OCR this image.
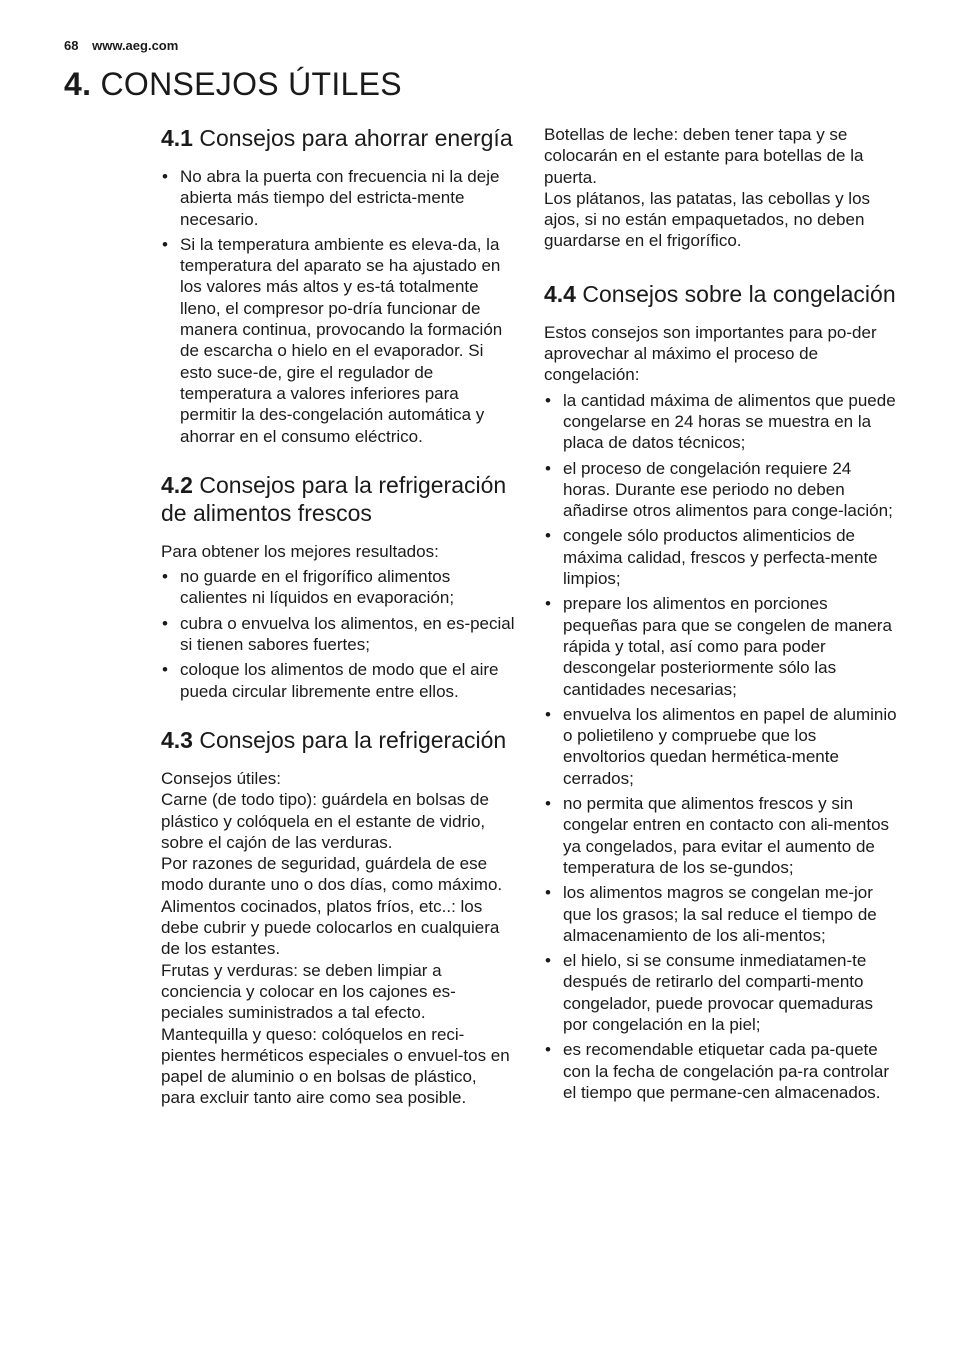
68 www.aeg.com
4. CONSEJOS ÚTILES
4.1 Consejos para ahorrar energía
• No abra la puerta con frecuencia ni la deje abierta más tiempo del estricta-mente necesario.
• Si la temperatura ambiente es eleva-da, la temperatura del aparato se ha ajustado en los valores más altos y es-tá totalmente lleno, el compresor po-dría funcionar de manera continua, provocando la formación de escarcha o hielo en el evaporador. Si esto suce-de, gire el regulador de temperatura a valores inferiores para permitir la des-congelación automática y ahorrar en el consumo eléctrico.
4.2 Consejos para la refrigeración de alimentos frescos

Para obtener los mejores resultados:

• no guarde en el frigorífico alimentos calientes ni líquidos en evaporación;
• cubra o envuelva los alimentos, en es-pecial si tienen sabores fuertes;
• coloque los alimentos de modo que el aire pueda circular libremente entre ellos.
4.3 Consejos para la refrigeración

Consejos útiles:

Carne (de todo tipo): guárdela en bolsas de plástico y colóquela en el estante de vidrio, sobre el cajón de las verduras.

Por razones de seguridad, guárdela de ese modo durante uno o dos días, como máximo.

Alimentos cocinados, platos fríos, etc..: los debe cubrir y puede colocarlos en cualquiera de los estantes.

Frutas y verduras: se deben limpiar a conciencia y colocar en los cajones es-peciales suministrados a tal efecto.

Mantequilla y queso: colóquelos en reci-pientes herméticos especiales o envuel-tos en papel de aluminio o en bolsas de plástico, para excluir tanto aire como sea posible.

Botellas de leche: deben tener tapa y se colocarán en el estante para botellas de la puerta.

Los plátanos, las patatas, las cebollas y los ajos, si no están empaquetados, no deben guardarse en el frigorífico.

4.4 Consejos sobre la congelación

Estos consejos son importantes para po-der aprovechar al máximo el proceso de congelación:

• la cantidad máxima de alimentos que puede congelarse en 24 horas se muestra en la placa de datos técnicos;
• el proceso de congelación requiere 24 horas. Durante ese periodo no deben añadirse otros alimentos para conge-lación;
• congele sólo productos alimenticios de máxima calidad, frescos y perfecta-mente limpios;
• prepare los alimentos en porciones pequeñas para que se congelen de manera rápida y total, así como para poder descongelar posteriormente sólo las cantidades necesarias;
• envuelva los alimentos en papel de aluminio o polietileno y compruebe que los envoltorios quedan hermética-mente cerrados;
• no permita que alimentos frescos y sin congelar entren en contacto con ali-mentos ya congelados, para evitar el aumento de temperatura de los se-gundos;
• los alimentos magros se congelan me-jor que los grasos; la sal reduce el tiempo de almacenamiento de los ali-mentos;
• el hielo, si se consume inmediatamen-te después de retirarlo del comparti-mento congelador, puede provocar quemaduras por congelación en la piel;
• es recomendable etiquetar cada pa-quete con la fecha de congelación pa-ra controlar el tiempo que permane-cen almacenados.
